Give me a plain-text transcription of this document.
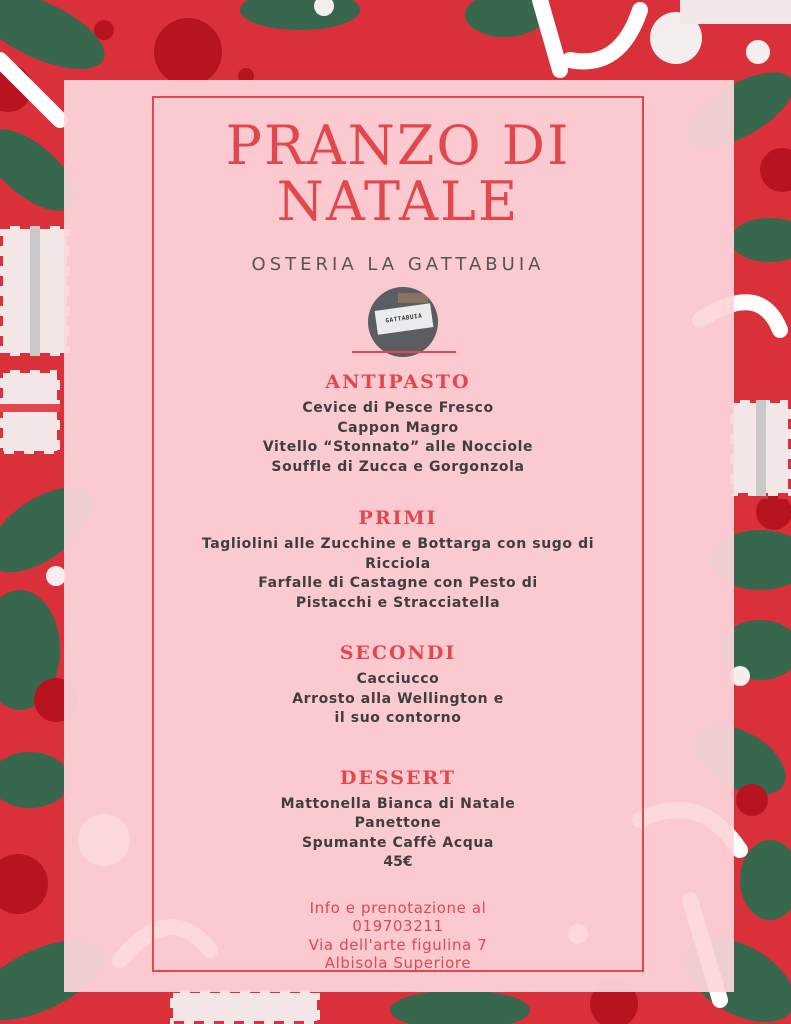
PRANZO DI NATALE

OSTERIA LA GATTABUIA

GATTABUIA
ANTIPASTO
Cevice di Pesce Fresco
Cappon Magro
Vitello “Stonnato” alle Nocciole
Souffle di Zucca e Gorgonzola
PRIMI
Tagliolini alle Zucchine e Bottarga con sugo di Ricciola
Farfalle di Castagne con Pesto di Pistacchi e Stracciatella
SECONDI
Cacciucco
Arrosto alla Wellington e
il suo contorno
DESSERT
Mattonella Bianca di Natale
Panettone
Spumante Caffè Acqua

45€

Info e prenotazione al

019703211

Via dell'arte figulina 7

Albisola Superiore
